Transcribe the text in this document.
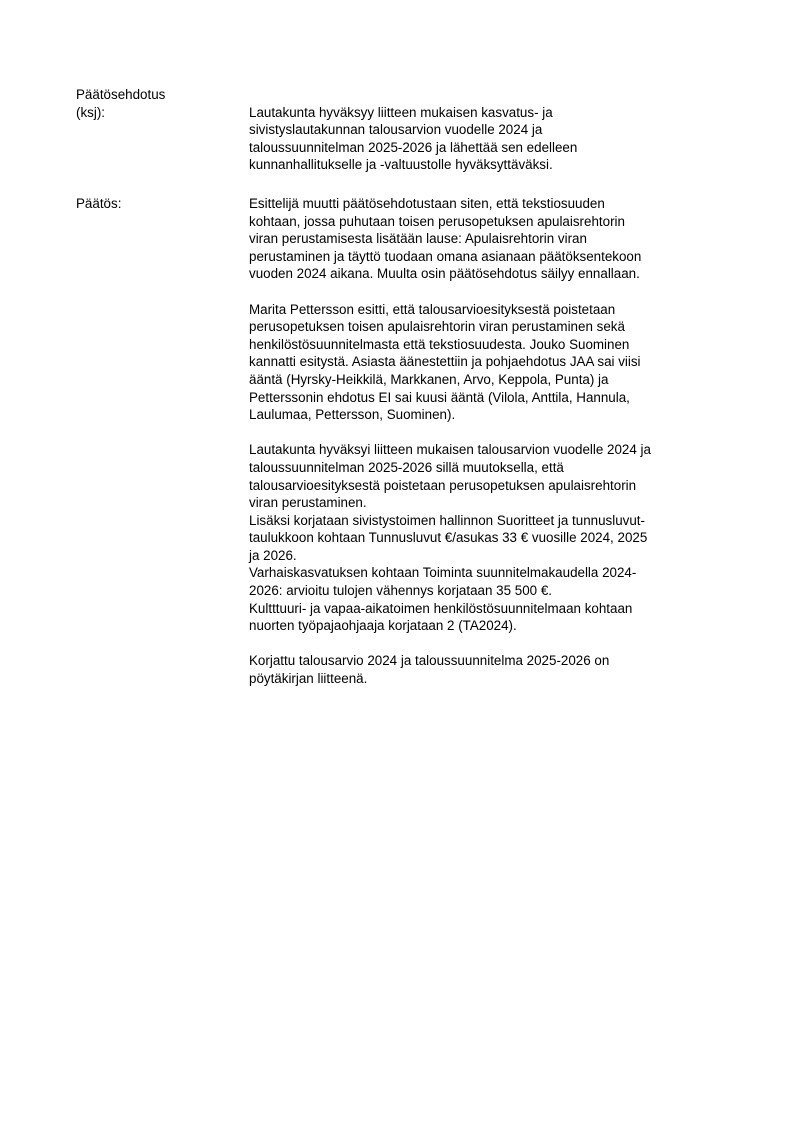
Päätösehdotus
(ksj):	Lautakunta hyväksyy liitteen mukaisen kasvatus- ja
sivistyslautakunnan talousarvion vuodelle 2024 ja
taloussuunnitelman 2025-2026 ja lähettää sen edelleen
kunnanhallitukselle ja -valtuustolle hyväksyttäväksi.
Päätös:	Esittelijä muutti päätösehdotustaan siten, että tekstiosuuden
kohtaan, jossa puhutaan toisen perusopetuksen apulaisrehtorin
viran perustamisesta lisätään lause: Apulaisrehtorin viran
perustaminen ja täyttö tuodaan omana asianaan päätöksentekoon
vuoden 2024 aikana. Muulta osin päätösehdotus säilyy ennallaan.
Marita Pettersson esitti, että talousarvioesityksestä poistetaan
perusopetuksen toisen apulaisrehtorin viran perustaminen sekä
henkilöstösuunnitelmasta että tekstiosuudesta. Jouko Suominen
kannatti esitystä. Asiasta äänestettiin ja pohjaehdotus JAA sai viisi
ääntä (Hyrsky-Heikkilä, Markkanen, Arvo, Keppola, Punta) ja
Petterssonin ehdotus EI sai kuusi ääntä (Vilola, Anttila, Hannula,
Laulumaa, Pettersson, Suominen).
Lautakunta hyväksyi liitteen mukaisen talousarvion vuodelle 2024 ja
taloussuunnitelman 2025-2026 sillä muutoksella, että
talousarvioesityksestä poistetaan perusopetuksen apulaisrehtorin
viran perustaminen.
Lisäksi korjataan sivistystoimen hallinnon Suoritteet ja tunnusluvut-
taulukkoon kohtaan Tunnusluvut €/asukas 33 € vuosille 2024, 2025
ja 2026.
Varhaiskasvatuksen kohtaan Toiminta suunnitelmakaudella 2024-
2026: arvioitu tulojen vähennys korjataan 35 500 €.
Kultttuuri- ja vapaa-aikatoimen henkilöstösuunnitelmaan kohtaan
nuorten työpajaohjaaja korjataan 2 (TA2024).
Korjattu talousarvio 2024 ja taloussuunnitelma 2025-2026 on
pöytäkirjan liitteenä.
